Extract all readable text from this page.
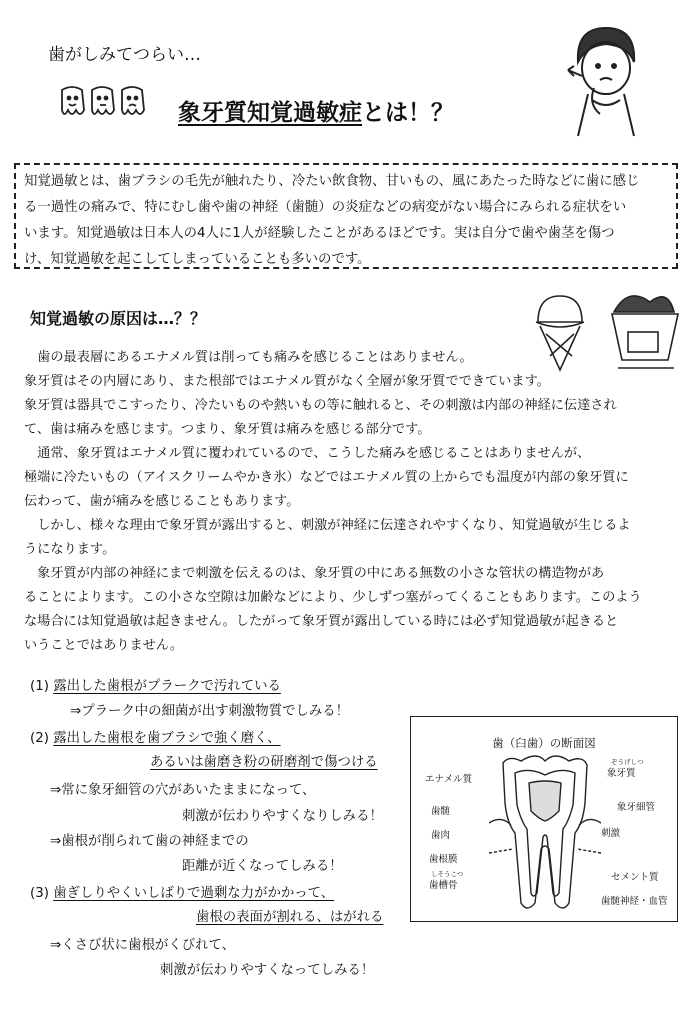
歯がしみてつらい…
象牙質知覚過敏症とは！？

知覚過敏とは、歯ブラシの毛先が触れたり、冷たい飲食物、甘いもの、風にあたった時などに歯に感じ

る一過性の痛みで、特にむし歯や歯の神経（歯髄）の炎症などの病変がない場合にみられる症状をい

います。知覚過敏は日本人の4人に1人が経験したことがあるほどです。実は自分で歯や歯茎を傷つ

け、知覚過敏を起こしてしまっていることも多いのです。

知覚過敏の原因は…？？

　歯の最表層にあるエナメル質は削っても痛みを感じることはありません。

象牙質はその内層にあり、また根部ではエナメル質がなく全層が象牙質でできています。

象牙質は器具でこすったり、冷たいものや熱いもの等に触れると、その刺激は内部の神経に伝達され

て、歯は痛みを感じます。つまり、象牙質は痛みを感じる部分です。

　通常、象牙質はエナメル質に覆われているので、こうした痛みを感じることはありませんが、

極端に冷たいもの（アイスクリームやかき氷）などではエナメル質の上からでも温度が内部の象牙質に

伝わって、歯が痛みを感じることもあります。

　しかし、様々な理由で象牙質が露出すると、刺激が神経に伝達されやすくなり、知覚過敏が生じるよ

うになります。

　象牙質が内部の神経にまで刺激を伝えるのは、象牙質の中にある無数の小さな管状の構造物があ

ることによります。この小さな空隙は加齢などにより、少しずつ塞がってくることもあります。このよう

な場合には知覚過敏は起きません。したがって象牙質が露出している時には必ず知覚過敏が起きると

いうことではありません。

(1) 露出した歯根がプラークで汚れている
⇒プラーク中の細菌が出す刺激物質でしみる！
(2) 露出した歯根を歯ブラシで強く磨く、
あるいは歯磨き粉の研磨剤で傷つける
⇒常に象牙細管の穴があいたままになって、
刺激が伝わりやすくなりしみる！
⇒歯根が削られて歯の神経までの
距離が近くなってしみる！
(3) 歯ぎしりやくいしばりで過剰な力がかかって、
歯根の表面が割れる、はがれる
⇒くさび状に歯根がくびれて、
刺激が伝わりやすくなってしみる！
歯（臼歯）の断面図
エナメル質
歯髄
歯肉
歯根膜
しそうこつ
歯槽骨
ぞうげしつ
象牙質
象牙細管
刺激
セメント質
歯髄神経・血管
